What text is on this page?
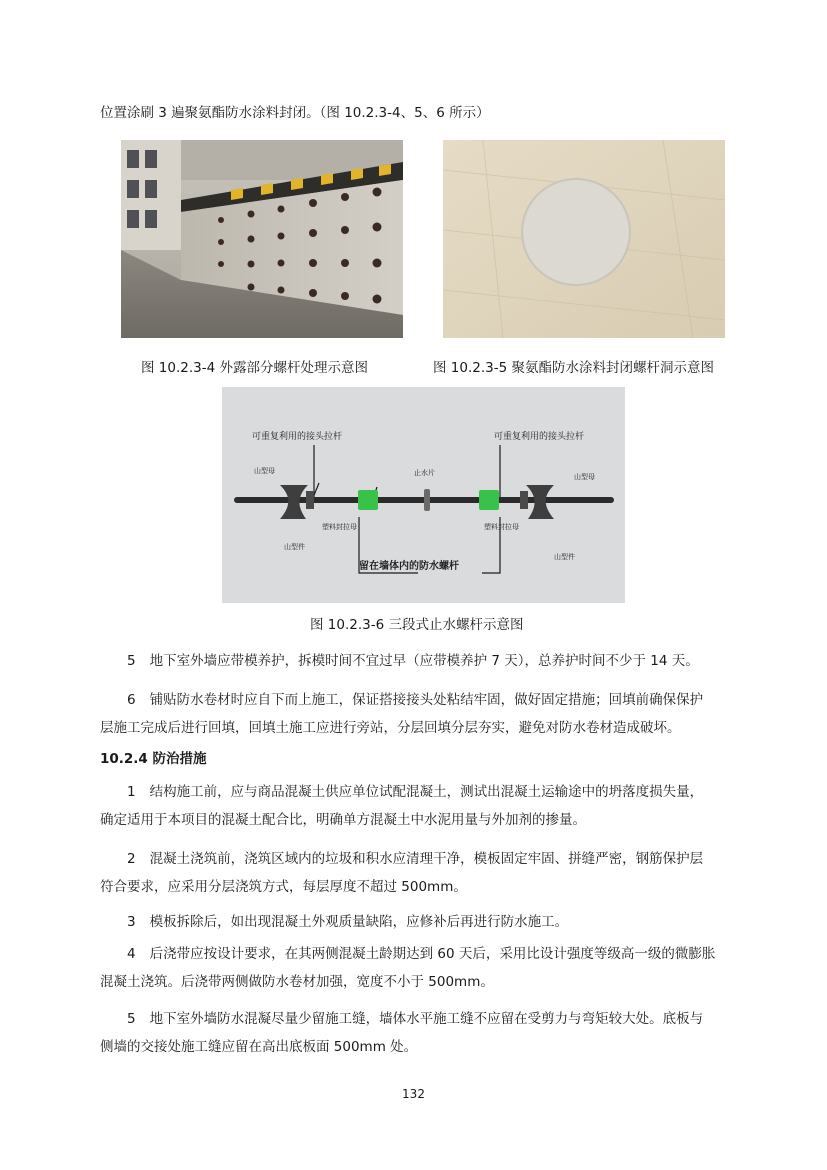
位置涂刷 3 遍聚氨酯防水涂料封闭。（图 10.2.3-4、5、6 所示）
图 10.2.3-4 外露部分螺杆处理示意图	图 10.2.3-5 聚氨酯防水涂料封闭螺杆洞示意图
可重复利用的接头拉杆	可重复利用的接头拉杆
山型母
山型件
塑料封拉母
止水片
塑料封拉母
山型母
山型件
留在墙体内的防水螺杆
图 10.2.3-6 三段式止水螺杆示意图
5 地下室外墙应带模养护，拆模时间不宜过早（应带模养护 7 天），总养护时间不少于 14 天。
6 铺贴防水卷材时应自下而上施工，保证搭接接头处粘结牢固，做好固定措施；回填前确保保护
层施工完成后进行回填，回填土施工应进行旁站，分层回填分层夯实，避免对防水卷材造成破坏。
10.2.4 防治措施
1 结构施工前，应与商品混凝土供应单位试配混凝土，测试出混凝土运输途中的坍落度损失量，
确定适用于本项目的混凝土配合比，明确单方混凝土中水泥用量与外加剂的掺量。
2 混凝土浇筑前，浇筑区域内的垃圾和积水应清理干净，模板固定牢固、拼缝严密，钢筋保护层
符合要求，应采用分层浇筑方式，每层厚度不超过 500mm。
3 模板拆除后，如出现混凝土外观质量缺陷，应修补后再进行防水施工。
4 后浇带应按设计要求，在其两侧混凝土龄期达到 60 天后，采用比设计强度等级高一级的微膨胀
混凝土浇筑。后浇带两侧做防水卷材加强，宽度不小于 500mm。
5 地下室外墙防水混凝尽量少留施工缝，墙体水平施工缝不应留在受剪力与弯矩较大处。底板与
侧墙的交接处施工缝应留在高出底板面 500mm 处。
132
